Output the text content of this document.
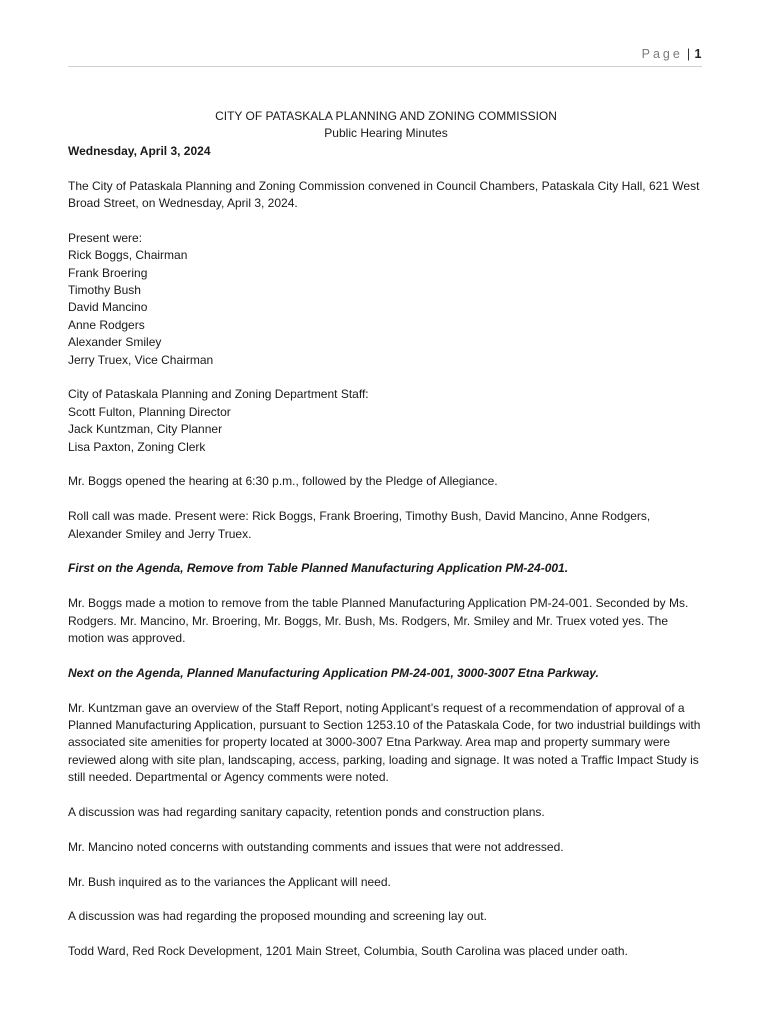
Page | 1
CITY OF PATASKALA PLANNING AND ZONING COMMISSION
Public Hearing Minutes

Wednesday, April 3, 2024

The City of Pataskala Planning and Zoning Commission convened in Council Chambers, Pataskala City Hall, 621 West Broad Street, on Wednesday, April 3, 2024.

Present were:

Rick Boggs, Chairman
Frank Broering
Timothy Bush
David Mancino
Anne Rodgers
Alexander Smiley
Jerry Truex, Vice Chairman

City of Pataskala Planning and Zoning Department Staff:

Scott Fulton, Planning Director
Jack Kuntzman, City Planner
Lisa Paxton, Zoning Clerk

Mr. Boggs opened the hearing at 6:30 p.m., followed by the Pledge of Allegiance.

Roll call was made. Present were: Rick Boggs, Frank Broering, Timothy Bush, David Mancino, Anne Rodgers, Alexander Smiley and Jerry Truex.

First on the Agenda, Remove from Table Planned Manufacturing Application PM-24-001.

Mr. Boggs made a motion to remove from the table Planned Manufacturing Application PM-24-001. Seconded by Ms. Rodgers. Mr. Mancino, Mr. Broering, Mr. Boggs, Mr. Bush, Ms. Rodgers, Mr. Smiley and Mr. Truex voted yes. The motion was approved.

Next on the Agenda, Planned Manufacturing Application PM-24-001, 3000-3007 Etna Parkway.

Mr. Kuntzman gave an overview of the Staff Report, noting Applicant’s request of a recommendation of approval of a Planned Manufacturing Application, pursuant to Section 1253.10 of the Pataskala Code, for two industrial buildings with associated site amenities for property located at 3000-3007 Etna Parkway. Area map and property summary were reviewed along with site plan, landscaping, access, parking, loading and signage. It was noted a Traffic Impact Study is still needed. Departmental or Agency comments were noted.

A discussion was had regarding sanitary capacity, retention ponds and construction plans.

Mr. Mancino noted concerns with outstanding comments and issues that were not addressed.

Mr. Bush inquired as to the variances the Applicant will need.

A discussion was had regarding the proposed mounding and screening lay out.

Todd Ward, Red Rock Development, 1201 Main Street, Columbia, South Carolina was placed under oath.
